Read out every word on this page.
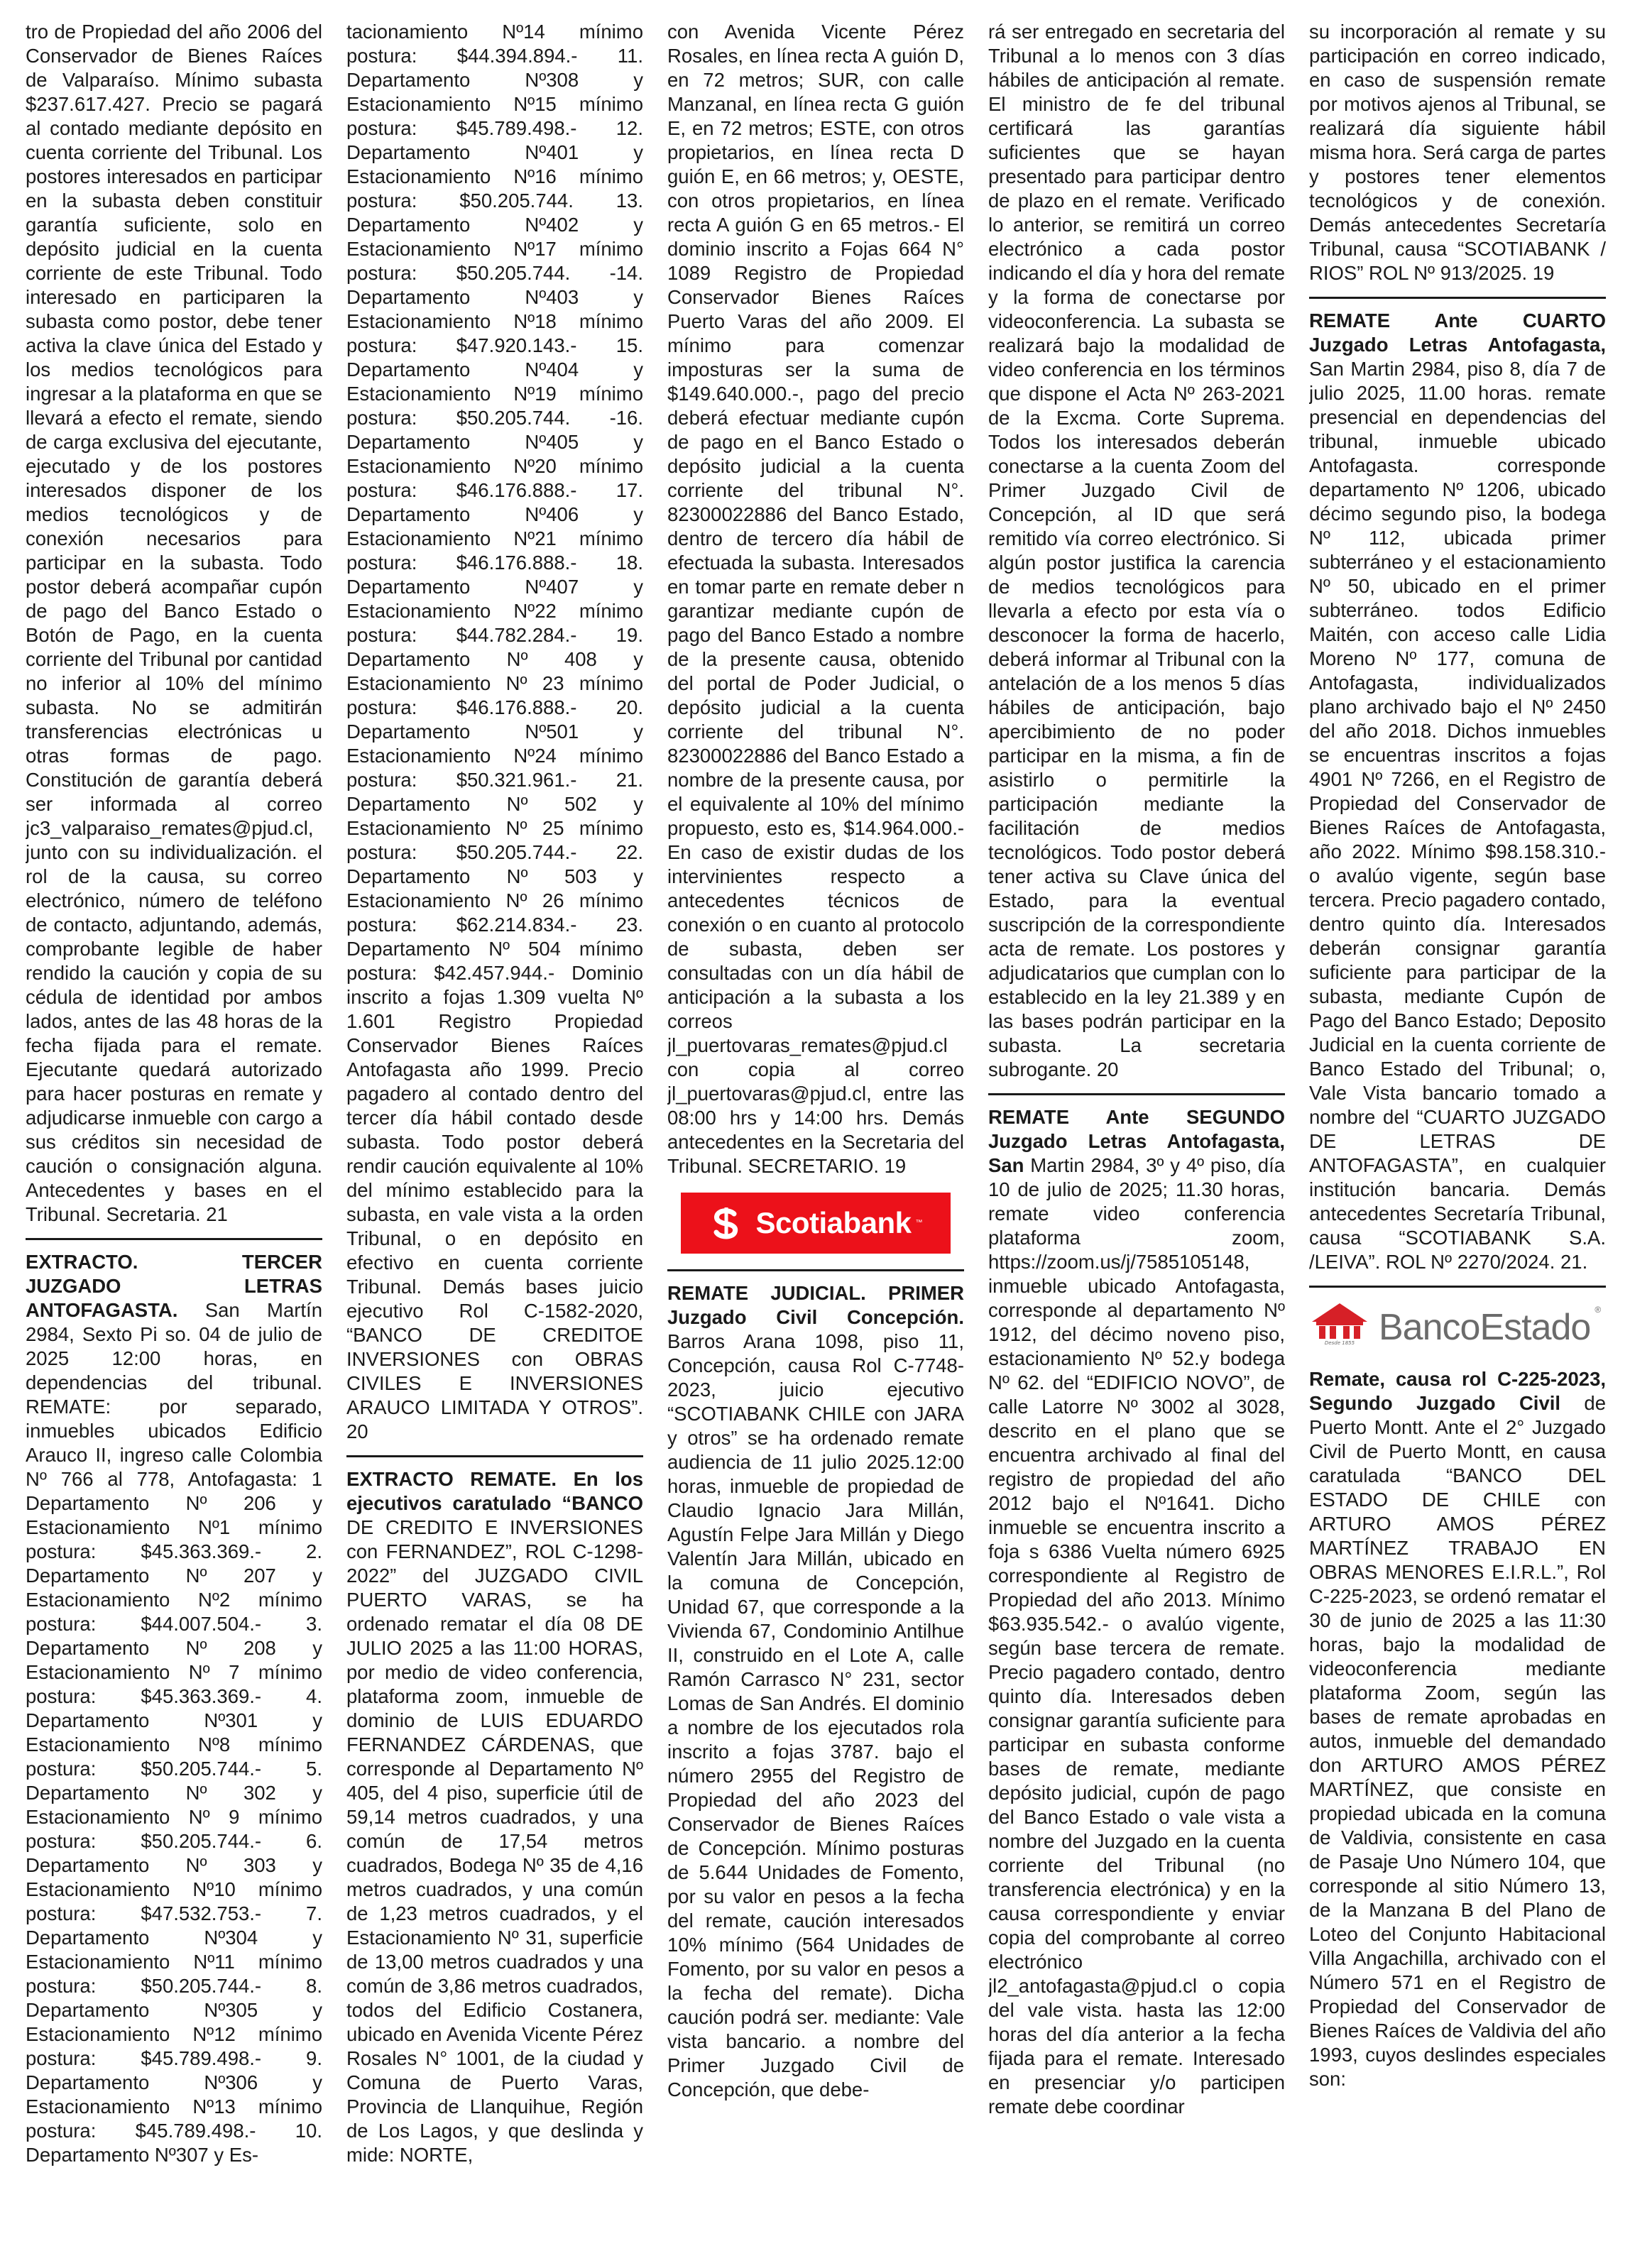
tro de Propiedad del año 2006 del Conservador de Bienes Raíces de Valparaíso. Mínimo subasta $237.617.427. Precio se pagará al contado mediante depósito en cuenta corriente del Tribunal. Los postores interesados en participar en la subasta deben constituir garantía suficiente, solo en depósito judicial en la cuenta corriente de este Tribunal. Todo interesado en participaren la subasta como postor, debe tener activa la clave única del Estado y los medios tecnológicos para ingresar a la plataforma en que se llevará a efecto el remate, siendo de carga exclusiva del ejecutante, ejecutado y de los postores interesados disponer de los medios tecnológicos y de conexión necesarios para participar en la subasta. Todo postor deberá acompañar cupón de pago del Banco Estado o Botón de Pago, en la cuenta corriente del Tribunal por cantidad no inferior al 10% del mínimo subasta. No se admitirán transferencias electrónicas u otras formas de pago. Constitución de garantía deberá ser informada al correo jc3_valparaiso_remates@pjud.cl, junto con su individualización. el rol de la causa, su correo electrónico, número de teléfono de contacto, adjuntando, además, comprobante legible de haber rendido la caución y copia de su cédula de identidad por ambos lados, antes de las 48 horas de la fecha fijada para el remate. Ejecutante quedará autorizado para hacer posturas en remate y adjudicarse inmueble con cargo a sus créditos sin necesidad de caución o consignación alguna. Antecedentes y bases en el Tribunal. Secretaria. 21

EXTRACTO. TERCER JUZGADO LETRAS ANTOFAGASTA. San Martín 2984, Sexto Pi so. 04 de julio de 2025 12:00 horas, en dependencias del tribunal. REMATE: por separado, inmuebles ubicados Edificio Arauco II, ingreso calle Colombia Nº 766 al 778, Antofagasta: 1 Departamento Nº 206 y Estacionamiento Nº1 mínimo postura: $45.363.369.- 2. Departamento Nº 207 y Estacionamiento Nº2 mínimo postura: $44.007.504.- 3. Departamento Nº 208 y Estacionamiento Nº 7 mínimo postura: $45.363.369.- 4. Departamento Nº301 y Estacionamiento Nº8 mínimo postura: $50.205.744.- 5. Departamento Nº 302 y Estacionamiento Nº 9 mínimo postura: $50.205.744.- 6. Departamento Nº 303 y Estacionamiento Nº10 mínimo postura: $47.532.753.- 7. Departamento Nº304 y Estacionamiento Nº11 mínimo postura: $50.205.744.- 8. Departamento Nº305 y Estacionamiento Nº12 mínimo postura: $45.789.498.- 9. Departamento Nº306 y Estacionamiento Nº13 mínimo postura: $45.789.498.- 10. Departamento Nº307 y Es-

tacionamiento Nº14 mínimo postura: $44.394.894.- 11. Departamento Nº308 y Estacionamiento Nº15 mínimo postura: $45.789.498.- 12. Departamento Nº401 y Estacionamiento Nº16 mínimo postura: $50.205.744. 13. Departamento Nº402 y Estacionamiento Nº17 mínimo postura: $50.205.744. -14. Departamento Nº403 y Estacionamiento Nº18 mínimo postura: $47.920.143.- 15. Departamento Nº404 y Estacionamiento Nº19 mínimo postura: $50.205.744. -16. Departamento Nº405 y Estacionamiento Nº20 mínimo postura: $46.176.888.- 17. Departamento Nº406 y Estacionamiento Nº21 mínimo postura: $46.176.888.- 18. Departamento Nº407 y Estacionamiento Nº22 mínimo postura: $44.782.284.- 19. Departamento Nº 408 y Estacionamiento Nº 23 mínimo postura: $46.176.888.- 20. Departamento Nº501 y Estacionamiento Nº24 mínimo postura: $50.321.961.- 21. Departamento Nº 502 y Estacionamiento Nº 25 mínimo postura: $50.205.744.- 22. Departamento Nº 503 y Estacionamiento Nº 26 mínimo postura: $62.214.834.- 23. Departamento Nº 504 mínimo postura: $42.457.944.- Dominio inscrito a fojas 1.309 vuelta Nº 1.601 Registro Propiedad Conservador Bienes Raíces Antofagasta año 1999. Precio pagadero al contado dentro del tercer día hábil contado desde subasta. Todo postor deberá rendir caución equivalente al 10% del mínimo establecido para la subasta, en vale vista a la orden Tribunal, o en depósito en efectivo en cuenta corriente Tribunal. Demás bases juicio ejecutivo Rol C-1582-2020, “BANCO DE CREDITOE INVERSIONES con OBRAS CIVILES E INVERSIONES ARAUCO LIMITADA Y OTROS”. 20

EXTRACTO REMATE. En los ejecutivos caratulado “BANCO DE CREDITO E INVERSIONES con FERNANDEZ”, ROL C-1298-2022” del JUZGADO CIVIL PUERTO VARAS, se ha ordenado rematar el día 08 DE JULIO 2025 a las 11:00 HORAS, por medio de video conferencia, plataforma zoom, inmueble de dominio de LUIS EDUARDO FERNANDEZ CÁRDENAS, que corresponde al Departamento Nº 405, del 4 piso, superficie útil de 59,14 metros cuadrados, y una común de 17,54 metros cuadrados, Bodega Nº 35 de 4,16 metros cuadrados, y una común de 1,23 metros cuadrados, y el Estacionamiento Nº 31, superficie de 13,00 metros cuadrados y una común de 3,86 metros cuadrados, todos del Edificio Costanera, ubicado en Avenida Vicente Pérez Rosales N° 1001, de la ciudad y Comuna de Puerto Varas, Provincia de Llanquihue, Región de Los Lagos, y que deslinda y mide: NORTE,

con Avenida Vicente Pérez Rosales, en línea recta A guión D, en 72 metros; SUR, con calle Manzanal, en línea recta G guión E, en 72 metros; ESTE, con otros propietarios, en línea recta D guión E, en 66 metros; y, OESTE, con otros propietarios, en línea recta A guión G en 65 metros.- El dominio inscrito a Fojas 664 N° 1089 Registro de Propiedad Conservador Bienes Raíces Puerto Varas del año 2009. El mínimo para comenzar imposturas ser la suma de $149.640.000.-, pago del precio deberá efectuar mediante cupón de pago en el Banco Estado o depósito judicial a la cuenta corriente del tribunal N°. 82300022886 del Banco Estado, dentro de tercero día hábil de efectuada la subasta. Interesados en tomar parte en remate deber n garantizar mediante cupón de pago del Banco Estado a nombre de la presente causa, obtenido del portal de Poder Judicial, o depósito judicial a la cuenta corriente del tribunal N°. 82300022886 del Banco Estado a nombre de la presente causa, por el equivalente al 10% del mínimo propuesto, esto es, $14.964.000.- En caso de existir dudas de los intervinientes respecto a antecedentes técnicos de conexión o en cuanto al protocolo de subasta, deben ser consultadas con un día hábil de anticipación a la subasta a los correos jl_puertovaras_remates@pjud.cl con copia al correo jl_puertovaras@pjud.cl, entre las 08:00 hrs y 14:00 hrs. Demás antecedentes en la Secretaria del Tribunal. SECRETARIO. 19

Scotiabank ™

REMATE JUDICIAL. PRIMER Juzgado Civil Concepción. Barros Arana 1098, piso 11, Concepción, causa Rol C-7748-2023, juicio ejecutivo “SCOTIABANK CHILE con JARA y otros” se ha ordenado remate audiencia de 11 julio 2025.12:00 horas, inmueble de propiedad de Claudio Ignacio Jara Millán, Agustín Felpe Jara Millán y Diego Valentín Jara Millán, ubicado en la comuna de Concepción, Unidad 67, que corresponde a la Vivienda 67, Condominio Antilhue II, construido en el Lote A, calle Ramón Carrasco N° 231, sector Lomas de San Andrés. El dominio a nombre de los ejecutados rola inscrito a fojas 3787. bajo el número 2955 del Registro de Propiedad del año 2023 del Conservador de Bienes Raíces de Concepción. Mínimo posturas de 5.644 Unidades de Fomento, por su valor en pesos a la fecha del remate, caución interesados 10% mínimo (564 Unidades de Fomento, por su valor en pesos a la fecha del remate). Dicha caución podrá ser. mediante: Vale vista bancario. a nombre del Primer Juzgado Civil de Concepción, que debe-

rá ser entregado en secretaria del Tribunal a lo menos con 3 días hábiles de anticipación al remate. El ministro de fe del tribunal certificará las garantías suficientes que se hayan presentado para participar dentro de plazo en el remate. Verificado lo anterior, se remitirá un correo electrónico a cada postor indicando el día y hora del remate y la forma de conectarse por videoconferencia. La subasta se realizará bajo la modalidad de video conferencia en los términos que dispone el Acta Nº 263-2021 de la Excma. Corte Suprema. Todos los interesados deberán conectarse a la cuenta Zoom del Primer Juzgado Civil de Concepción, al ID que será remitido vía correo electrónico. Si algún postor justifica la carencia de medios tecnológicos para llevarla a efecto por esta vía o desconocer la forma de hacerlo, deberá informar al Tribunal con la antelación de a los menos 5 días hábiles de anticipación, bajo apercibimiento de no poder participar en la misma, a fin de asistirlo o permitirle la participación mediante la facilitación de medios tecnológicos. Todo postor deberá tener activa su Clave única del Estado, para la eventual suscripción de la correspondiente acta de remate. Los postores y adjudicatarios que cumplan con lo establecido en la ley 21.389 y en las bases podrán participar en la subasta. La secretaria subrogante. 20

REMATE Ante SEGUNDO Juzgado Letras Antofagasta, San Martin 2984, 3º y 4º piso, día 10 de julio de 2025; 11.30 horas, remate video conferencia plataforma zoom, https://zoom.us/j/7585105148, inmueble ubicado Antofagasta, corresponde al departamento Nº 1912, del décimo noveno piso, estacionamiento Nº 52.y bodega Nº 62. del “EDIFICIO NOVO”, de calle Latorre Nº 3002 al 3028, descrito en el plano que se encuentra archivado al final del registro de propiedad del año 2012 bajo el Nº1641. Dicho inmueble se encuentra inscrito a foja s 6386 Vuelta número 6925 correspondiente al Registro de Propiedad del año 2013. Mínimo $63.935.542.- o avalúo vigente, según base tercera de remate. Precio pagadero contado, dentro quinto día. Interesados deben consignar garantía suficiente para participar en subasta conforme bases de remate, mediante depósito judicial, cupón de pago del Banco Estado o vale vista a nombre del Juzgado en la cuenta corriente del Tribunal (no transferencia electrónica) y en la causa correspondiente y enviar copia del comprobante al correo electrónico jl2_antofagasta@pjud.cl o copia del vale vista. hasta las 12:00 horas del día anterior a la fecha fijada para el remate. Interesado en presenciar y/o participen remate debe coordinar

su incorporación al remate y su participación en correo indicado, en caso de suspensión remate por motivos ajenos al Tribunal, se realizará día siguiente hábil misma hora. Será carga de partes y postores tener elementos tecnológicos y de conexión. Demás antecedentes Secretaría Tribunal, causa “SCOTIABANK / RIOS” ROL Nº 913/2025. 19

REMATE Ante CUARTO Juzgado Letras Antofagasta, San Martin 2984, piso 8, día 7 de julio 2025, 11.00 horas. remate presencial en dependencias del tribunal, inmueble ubicado Antofagasta. corresponde departamento Nº 1206, ubicado décimo segundo piso, la bodega Nº 112, ubicada primer subterráneo y el estacionamiento Nº 50, ubicado en el primer subterráneo. todos Edificio Maitén, con acceso calle Lidia Moreno Nº 177, comuna de Antofagasta, individualizados plano archivado bajo el Nº 2450 del año 2018. Dichos inmuebles se encuentras inscritos a fojas 4901 Nº 7266, en el Registro de Propiedad del Conservador de Bienes Raíces de Antofagasta, año 2022. Mínimo $98.158.310.- o avalúo vigente, según base tercera. Precio pagadero contado, dentro quinto día. Interesados deberán consignar garantía suficiente para participar de la subasta, mediante Cupón de Pago del Banco Estado; Deposito Judicial en la cuenta corriente de Banco Estado del Tribunal; o, Vale Vista bancario tomado a nombre del “CUARTO JUZGADO DE LETRAS DE ANTOFAGASTA”, en cualquier institución bancaria. Demás antecedentes Secretaría Tribunal, causa “SCOTIABANK S.A. /LEIVA”. ROL Nº 2270/2024. 21.

Desde 1855 BancoEstado ®

Remate, causa rol C-225-2023, Segundo Juzgado Civil de Puerto Montt. Ante el 2° Juzgado Civil de Puerto Montt, en causa caratulada “BANCO DEL ESTADO DE CHILE con ARTURO AMOS PÉREZ MARTÍNEZ TRABAJO EN OBRAS MENORES E.I.R.L.”, Rol C-225-2023, se ordenó rematar el 30 de junio de 2025 a las 11:30 horas, bajo la modalidad de videoconferencia mediante plataforma Zoom, según las bases de remate aprobadas en autos, inmueble del demandado don ARTURO AMOS PÉREZ MARTÍNEZ, que consiste en propiedad ubicada en la comuna de Valdivia, consistente en casa de Pasaje Uno Número 104, que corresponde al sitio Número 13, de la Manzana B del Plano de Loteo del Conjunto Habitacional Villa Angachilla, archivado con el Número 571 en el Registro de Propiedad del Conservador de Bienes Raíces de Valdivia del año 1993, cuyos deslindes especiales son:
